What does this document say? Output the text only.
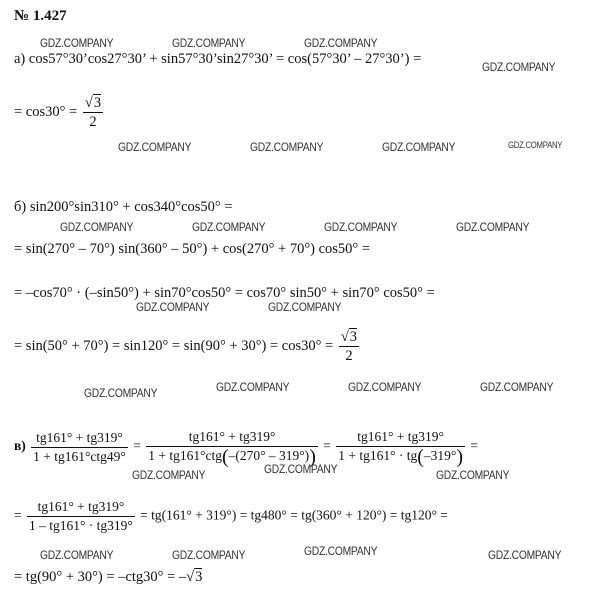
№ 1.427
GDZ.COMPANY	GDZ.COMPANY	GDZ.COMPANY
GDZ.COMPANY
GDZ.COMPANY	GDZ.COMPANY	GDZ.COMPANY	GDZ.COMPANY
GDZ.COMPANY	GDZ.COMPANY	GDZ.COMPANY	GDZ.COMPANY
GDZ.COMPANY	GDZ.COMPANY
GDZ.COMPANY	GDZ.COMPANY	GDZ.COMPANY	GDZ.COMPANY
GDZ.COMPANY	GDZ.COMPANY	GDZ.COMPANY
GDZ.COMPANY	GDZ.COMPANY	GDZ.COMPANY	GDZ.COMPANY
а) cos57°30’cos27°30’ + sin57°30’sin27°30’ = cos(57°30’ – 27°30’) =
= $\cos 30^\circ = \frac{√3}{2}$
б) sin200°sin310° + cos340°cos50° =
= sin(270° – 70°) sin(360° – 50°) + cos(270° + 70°) cos50° =
= –cos70° · (–sin50°) + sin70°cos50° = cos70° sin50° + sin70° cos50° =
= $\sin(50^\circ + 70^\circ) = \sin 120^\circ = \sin(90^\circ + 30^\circ) = \cos 30^\circ = \frac{√3}{2}$
$в) \frac{tg161^\circ + tg319^\circ}{\text{1 + tg161°ctg49°}} = \frac{tg161^\circ + tg319^\circ}{\text{1 + tg161°ctg(–(270° – 319°))}} = \frac{tg161^\circ + tg319^\circ}{1 + tg161^\circ \cdot tg(-319^\circ)}$ =
= $\frac{tg161^\circ + tg319^\circ}{1 - tg161^\circ \cdot tg319^\circ} = tg(161^\circ + 319^\circ) = tg480^\circ = tg(360^\circ + 120^\circ) = tg120^\circ$ =
= tg(90° + 30°) = –ctg30° = –√3
